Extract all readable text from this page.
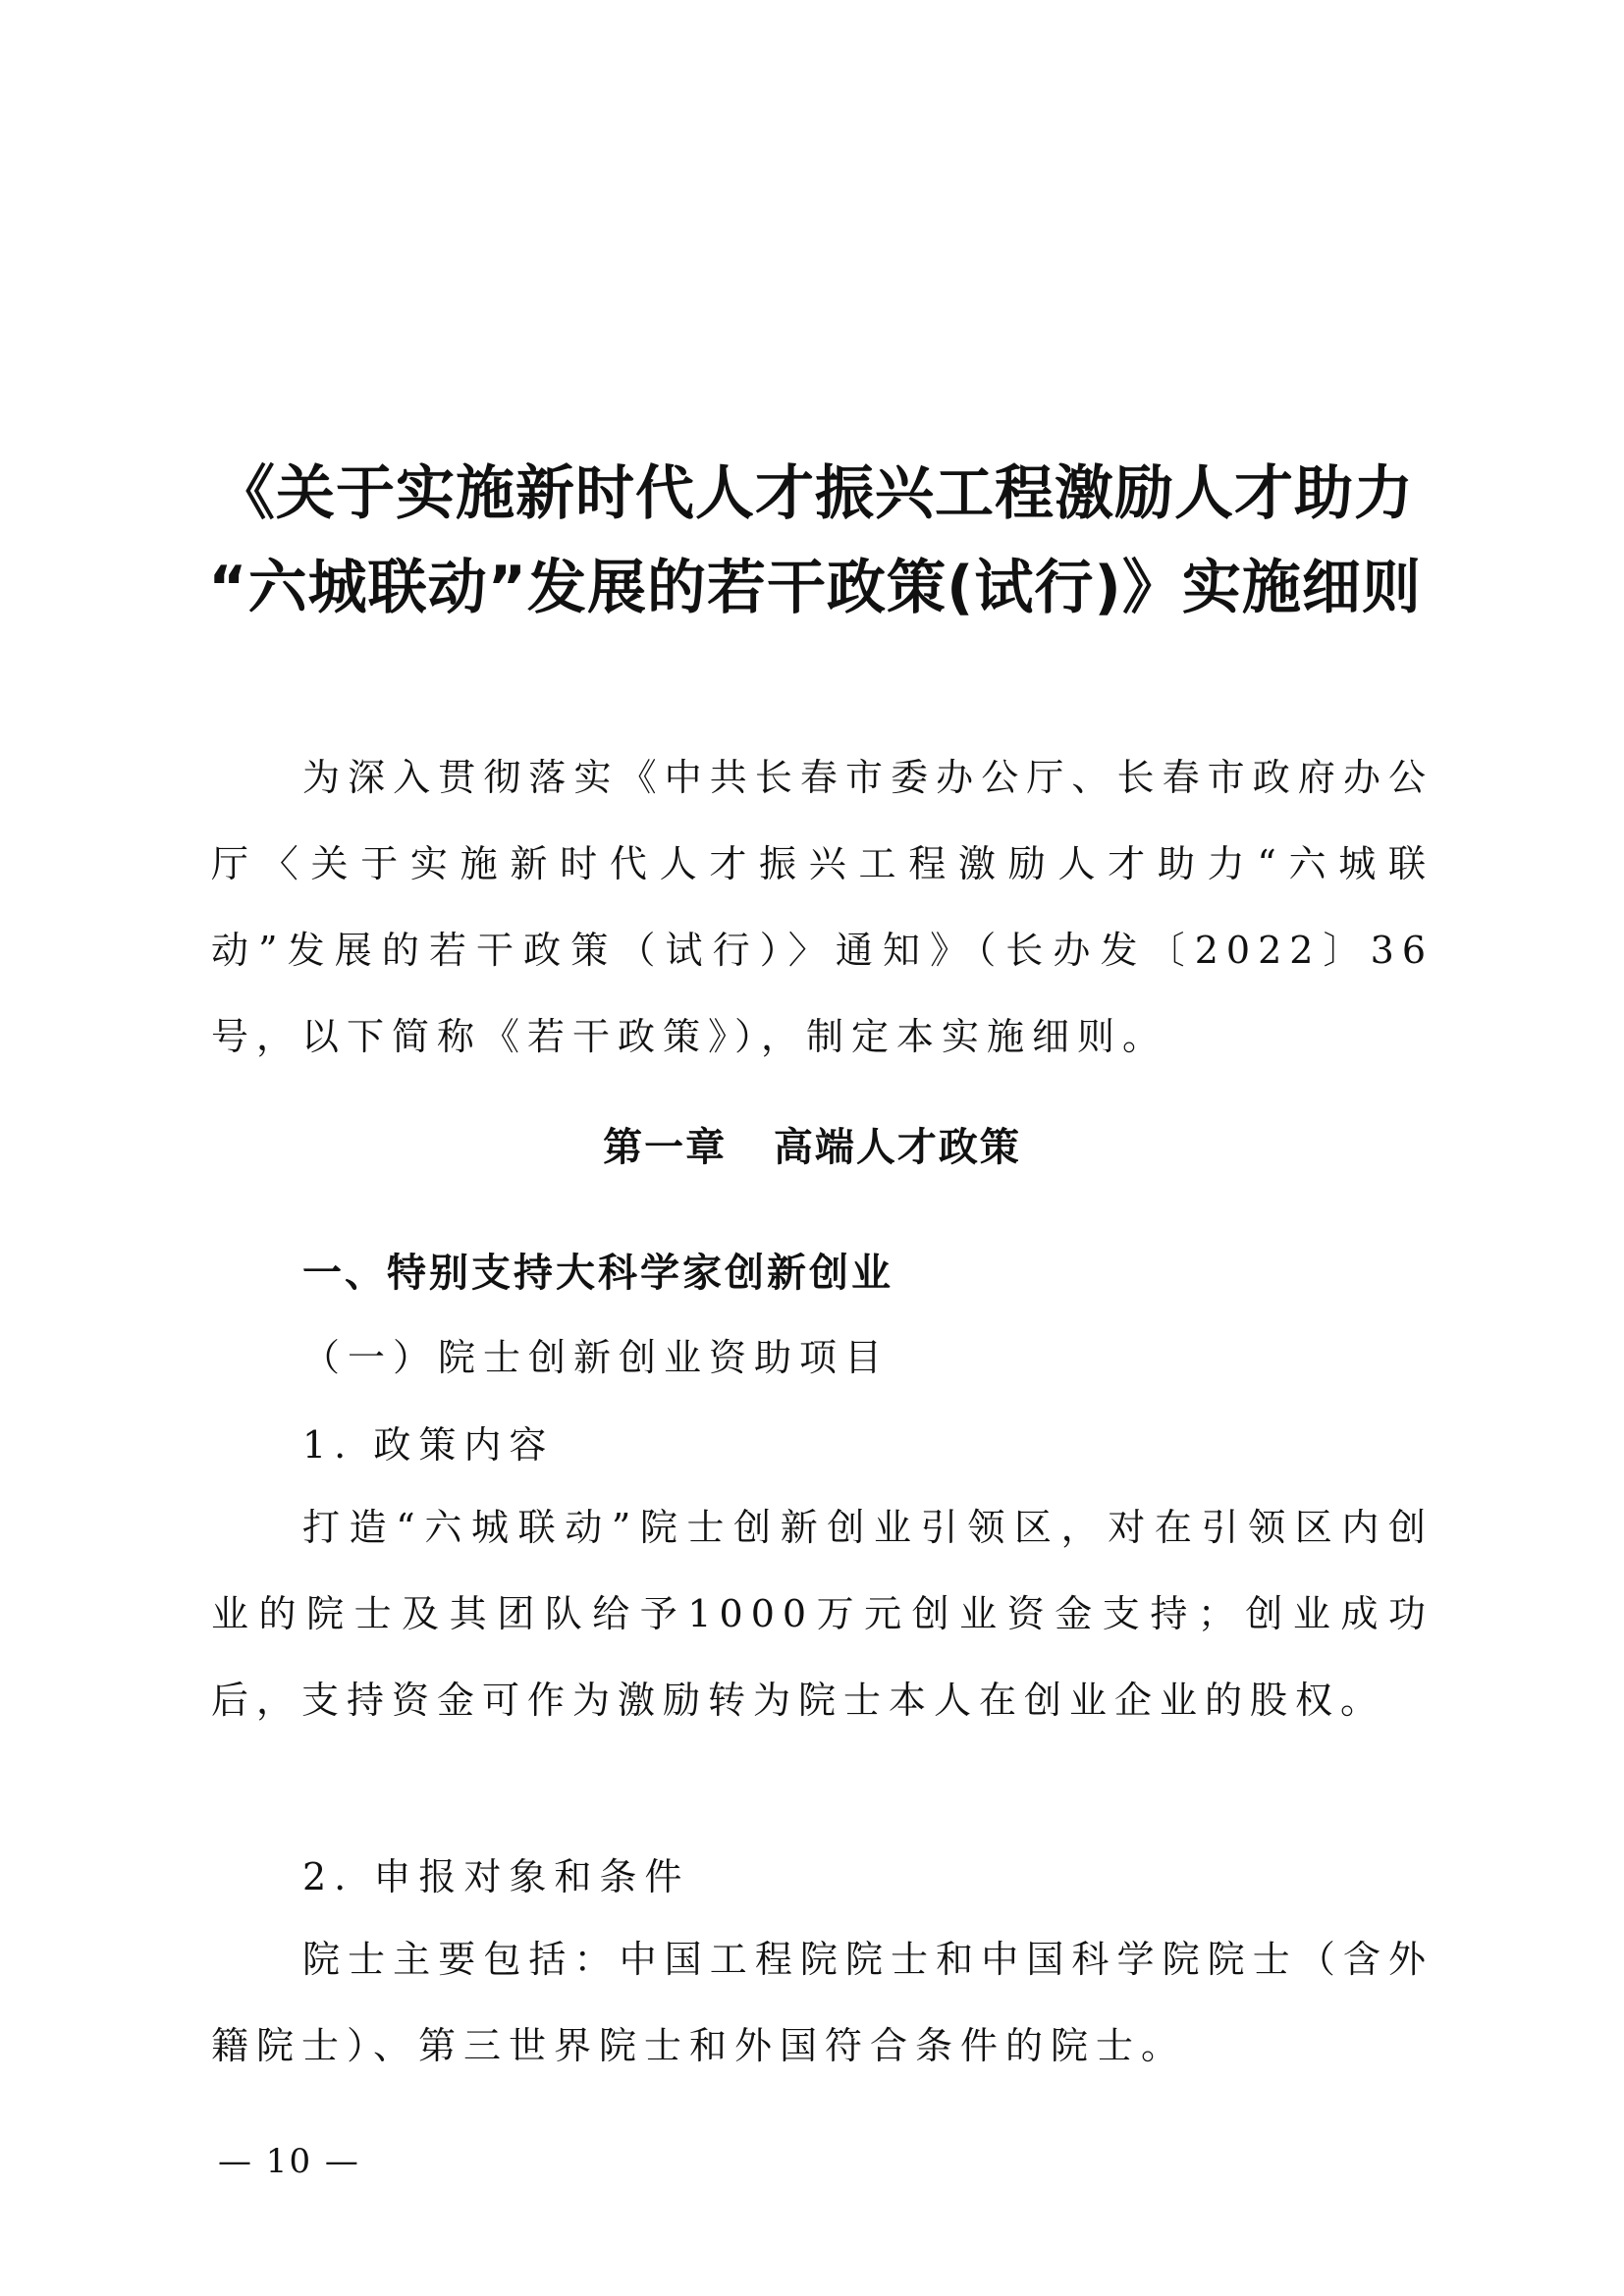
《关于实施新时代人才振兴工程激励人才助力
“六城联动”发展的若干政策(试行)》实施细则

为深入贯彻落实《中共长春市委办公厅、长春市政府办公厅〈关于实施新时代人才振兴工程激励人才助力“六城联动”发展的若干政策（试行）〉通知》（长办发〔2022〕36号，以下简称《若干政策》），制定本实施细则。

第一章   高端人才政策
一、特别支持大科学家创新创业

（一）院士创新创业资助项目

1. 政策内容

打造“六城联动”院士创新创业引领区，对在引领区内创业的院士及其团队给予1000万元创业资金支持；创业成功后，支持资金可作为激励转为院士本人在创业企业的股权。

2. 申报对象和条件

院士主要包括：中国工程院院士和中国科学院院士（含外籍院士）、第三世界院士和外国符合条件的院士。

— 10 —
